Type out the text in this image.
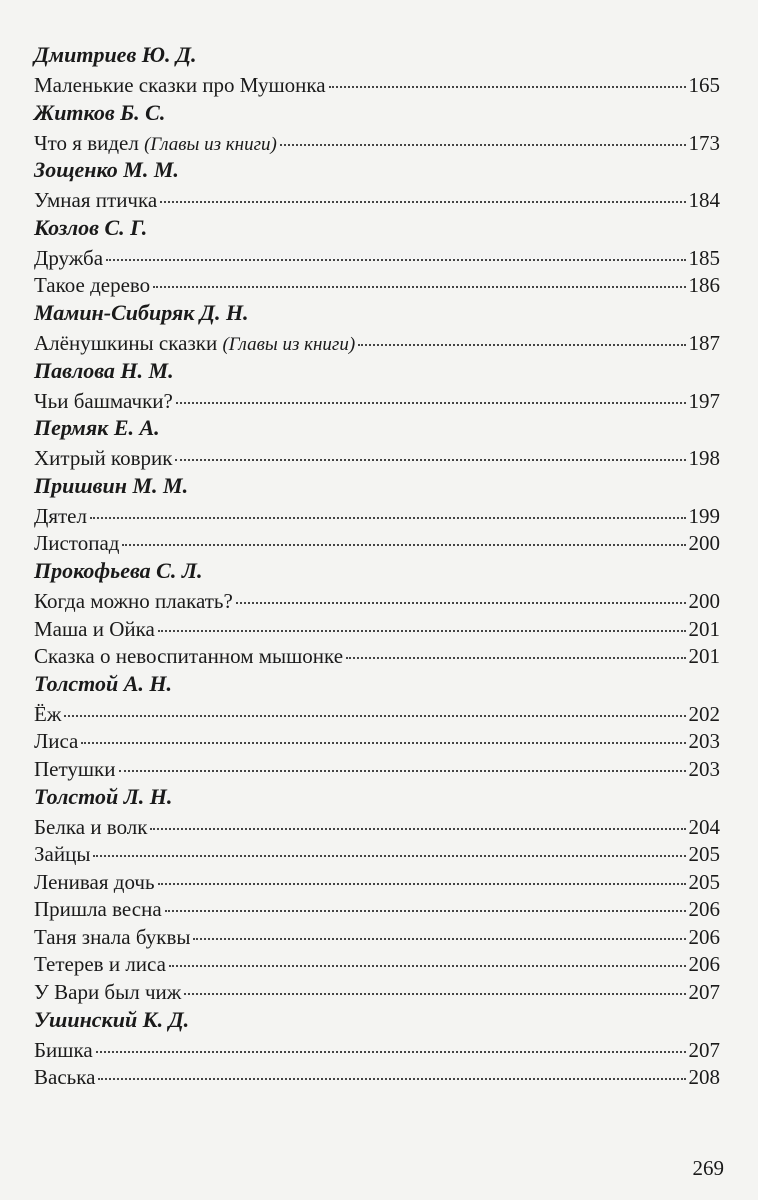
Дмитриев Ю. Д.
Маленькие сказки про Мушонка	165
Житков Б. С.
Что я видел (Главы из книги)	173
Зощенко М. М.
Умная птичка	184
Козлов С. Г.
Дружба	185
Такое дерево	186
Мамин-Сибиряк Д. Н.
Алёнушкины сказки (Главы из книги)	187
Павлова Н. М.
Чьи башмачки?	197
Пермяк Е. А.
Хитрый коврик	198
Пришвин М. М.
Дятел	199
Листопад	200
Прокофьева С. Л.
Когда можно плакать?	200
Маша и Ойка	201
Сказка о невоспитанном мышонке	201
Толстой А. Н.
Ёж	202
Лиса	203
Петушки	203
Толстой Л. Н.
Белка и волк	204
Зайцы	205
Ленивая дочь	205
Пришла весна	206
Таня знала буквы	206
Тетерев и лиса	206
У Вари был чиж	207
Ушинский К. Д.
Бишка	207
Васька	208
269
